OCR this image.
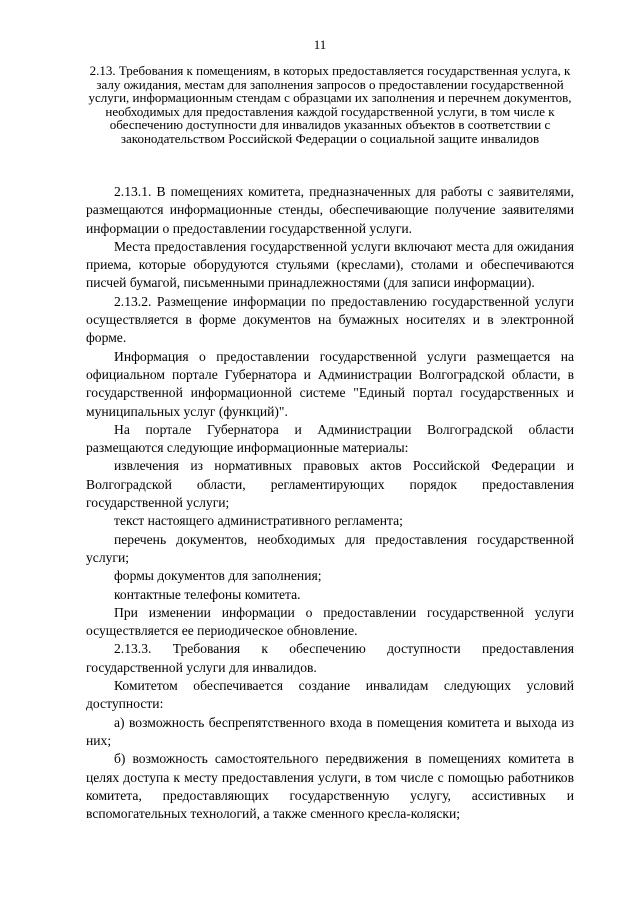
11
2.13. Требования к помещениям, в которых предоставляется государственная услуга, к залу ожидания, местам для заполнения запросов о предоставлении государственной услуги, информационным стендам с образцами их заполнения и перечнем документов, необходимых для предоставления каждой государственной услуги, в том числе к обеспечению доступности для инвалидов указанных объектов в соответствии с законодательством Российской Федерации о социальной защите инвалидов

2.13.1. В помещениях комитета, предназначенных для работы с заявителями, размещаются информационные стенды, обеспечивающие получение заявителями информации о предоставлении государственной услуги.

Места предоставления государственной услуги включают места для ожидания приема, которые оборудуются стульями (креслами), столами и обеспечиваются писчей бумагой, письменными принадлежностями (для записи информации).

2.13.2. Размещение информации по предоставлению государственной услуги осуществляется в форме документов на бумажных носителях и в электронной форме.

Информация о предоставлении государственной услуги размещается на официальном портале Губернатора и Администрации Волгоградской области, в государственной информационной системе "Единый портал государственных и муниципальных услуг (функций)".

На портале Губернатора и Администрации Волгоградской области размещаются следующие информационные материалы:

извлечения из нормативных правовых актов Российской Федерации и Волгоградской области, регламентирующих порядок предоставления государственной услуги;

текст настоящего административного регламента;

перечень документов, необходимых для предоставления государственной услуги;

формы документов для заполнения;

контактные телефоны комитета.

При изменении информации о предоставлении государственной услуги осуществляется ее периодическое обновление.

2.13.3. Требования к обеспечению доступности предоставления государственной услуги для инвалидов.

Комитетом обеспечивается создание инвалидам следующих условий доступности:

а) возможность беспрепятственного входа в помещения комитета и выхода из них;

б) возможность самостоятельного передвижения в помещениях комитета в целях доступа к месту предоставления услуги, в том числе с помощью работников комитета, предоставляющих государственную услугу, ассистивных и вспомогательных технологий, а также сменного кресла-коляски;
